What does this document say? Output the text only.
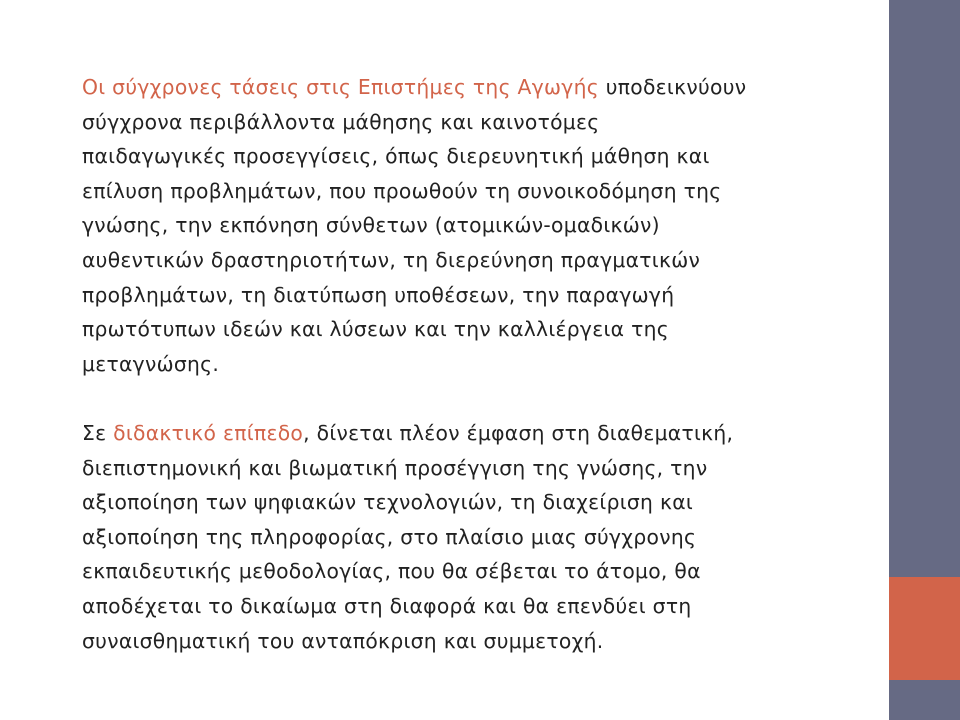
Οι σύγχρονες τάσεις στις Επιστήμες της Αγωγής υποδεικνύουν
σύγχρονα περιβάλλοντα μάθησης και καινοτόμες
παιδαγωγικές προσεγγίσεις, όπως διερευνητική μάθηση και
επίλυση προβλημάτων, που προωθούν τη συνοικοδόμηση της
γνώσης, την εκπόνηση σύνθετων (ατομικών-ομαδικών)
αυθεντικών δραστηριοτήτων, τη διερεύνηση πραγματικών
προβλημάτων, τη διατύπωση υποθέσεων, την παραγωγή
πρωτότυπων ιδεών και λύσεων και την καλλιέργεια της
μεταγνώσης.

Σε διδακτικό επίπεδο, δίνεται πλέον έμφαση στη διαθεματική,
διεπιστημονική και βιωματική προσέγγιση της γνώσης, την
αξιοποίηση των ψηφιακών τεχνολογιών, τη διαχείριση και
αξιοποίηση της πληροφορίας, στο πλαίσιο μιας σύγχρονης
εκπαιδευτικής μεθοδολογίας, που θα σέβεται το άτομο, θα
αποδέχεται το δικαίωμα στη διαφορά και θα επενδύει στη
συναισθηματική του ανταπόκριση και συμμετοχή.
